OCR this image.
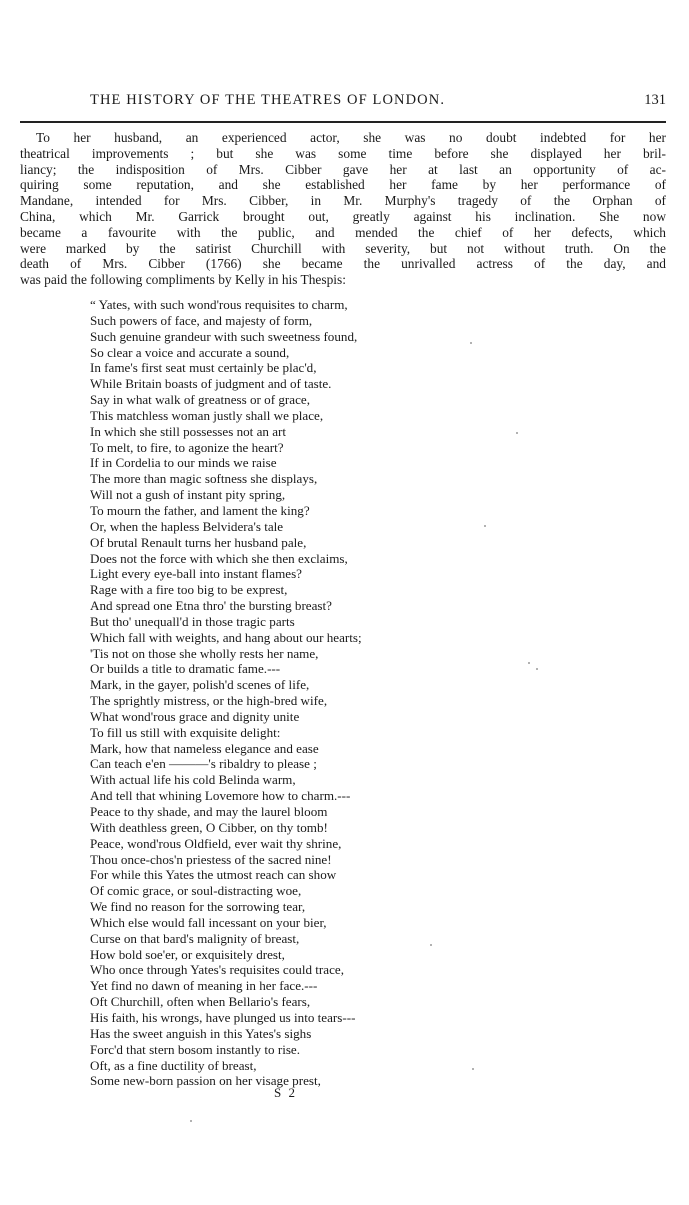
THE HISTORY OF THE THEATRES OF LONDON.	131
To her husband, an experienced actor, she was no doubt indebted for her
theatrical improvements ; but she was some time before she displayed her bril-
liancy; the indisposition of Mrs. Cibber gave her at last an opportunity of ac-
quiring some reputation, and she established her fame by her performance of
Mandane, intended for Mrs. Cibber, in Mr. Murphy's tragedy of the Orphan of
China, which Mr. Garrick brought out, greatly against his inclination. She now
became a favourite with the public, and mended the chief of her defects, which
were marked by the satirist Churchill with severity, but not without truth. On the
death of Mrs. Cibber (1766) she became the unrivalled actress of the day, and
was paid the following compliments by Kelly in his Thespis:
“ Yates, with such wond'rous requisites to charm,
Such powers of face, and majesty of form,
Such genuine grandeur with such sweetness found,
So clear a voice and accurate a sound,
In fame's first seat must certainly be plac'd,
While Britain boasts of judgment and of taste.
Say in what walk of greatness or of grace,
This matchless woman justly shall we place,
In which she still possesses not an art
To melt, to fire, to agonize the heart?
If in Cordelia to our minds we raise
The more than magic softness she displays,
Will not a gush of instant pity spring,
To mourn the father, and lament the king?
Or, when the hapless Belvidera's tale
Of brutal Renault turns her husband pale,
Does not the force with which she then exclaims,
Light every eye-ball into instant flames?
Rage with a fire too big to be exprest,
And spread one Etna thro' the bursting breast?
But tho' unequall'd in those tragic parts
Which fall with weights, and hang about our hearts;
'Tis not on those she wholly rests her name,
Or builds a title to dramatic fame.---
Mark, in the gayer, polish'd scenes of life,
The sprightly mistress, or the high-bred wife,
What wond'rous grace and dignity unite
To fill us still with exquisite delight:
Mark, how that nameless elegance and ease
Can teach e'en ———'s ribaldry to please ;
With actual life his cold Belinda warm,
And tell that whining Lovemore how to charm.---
Peace to thy shade, and may the laurel bloom
With deathless green, O Cibber, on thy tomb!
Peace, wond'rous Oldfield, ever wait thy shrine,
Thou once-chos'n priestess of the sacred nine!
For while this Yates the utmost reach can show
Of comic grace, or soul-distracting woe,
We find no reason for the sorrowing tear,
Which else would fall incessant on your bier,
Curse on that bard's malignity of breast,
How bold soe'er, or exquisitely drest,
Who once through Yates's requisites could trace,
Yet find no dawn of meaning in her face.---
Oft Churchill, often when Bellario's fears,
His faith, his wrongs, have plunged us into tears---
Has the sweet anguish in this Yates's sighs
Forc'd that stern bosom instantly to rise.
Oft, as a fine ductility of breast,
Some new-born passion on her visage prest,
S 2
